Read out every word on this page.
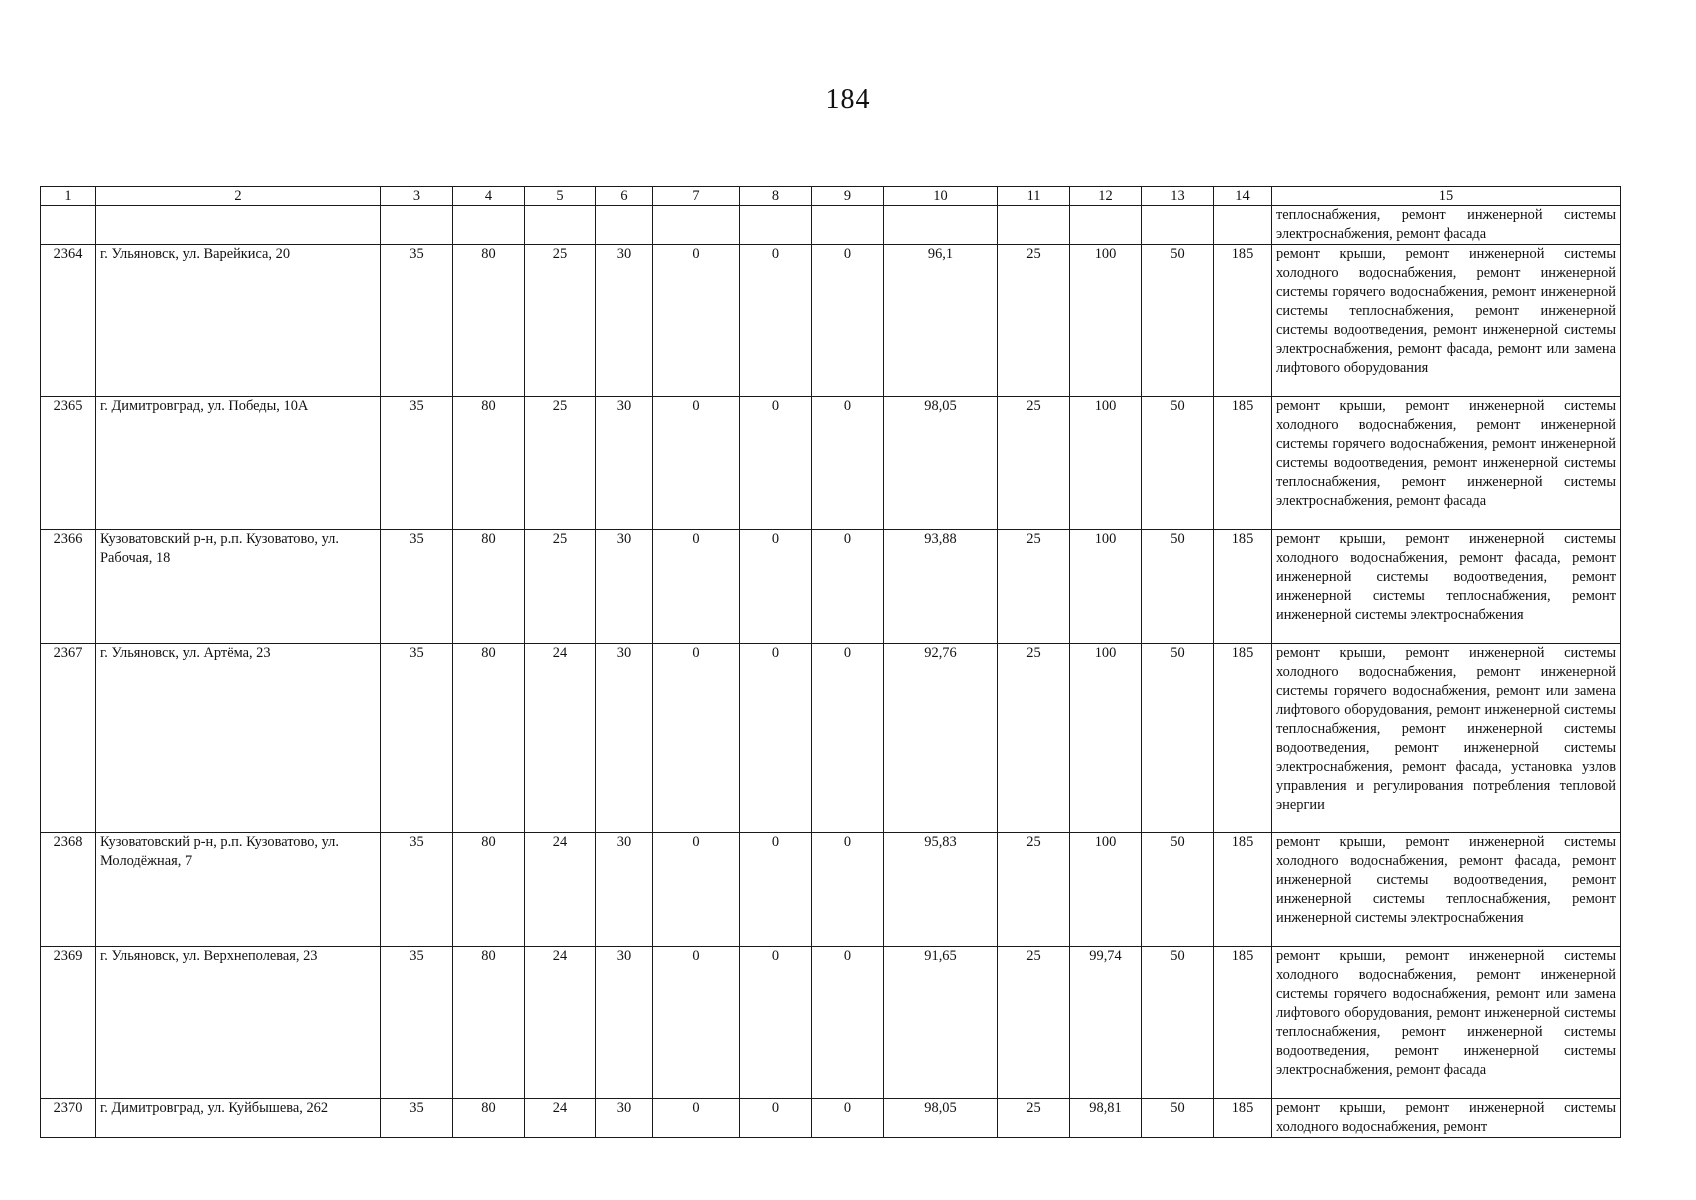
184
1	2	3	4	5	6	7	8	9	10	11	12	13	14	15
														теплоснабжения, ремонт инженерной системы электроснабжения, ремонт фасада
2364	г. Ульяновск, ул. Варейкиса, 20	35	80	25	30	0	0	0	96,1	25	100	50	185	ремонт крыши, ремонт инженерной системы холодного водоснабжения, ремонт инженерной системы горячего водоснабжения, ремонт инженерной системы теплоснабжения, ремонт инженерной системы водоотведения, ремонт инженерной системы электроснабжения, ремонт фасада, ремонт или замена лифтового оборудования
2365	г. Димитровград, ул. Победы, 10А	35	80	25	30	0	0	0	98,05	25	100	50	185	ремонт крыши, ремонт инженерной системы холодного водоснабжения, ремонт инженерной системы горячего водоснабжения, ремонт инженерной системы водоотведения, ремонт инженерной системы теплоснабжения, ремонт инженерной системы электроснабжения, ремонт фасада
2366	Кузоватовский р-н, р.п. Кузоватово, ул. Рабочая, 18	35	80	25	30	0	0	0	93,88	25	100	50	185	ремонт крыши, ремонт инженерной системы холодного водоснабжения, ремонт фасада, ремонт инженерной системы водоотведения, ремонт инженерной системы теплоснабжения, ремонт инженерной системы электроснабжения
2367	г. Ульяновск, ул. Артёма, 23	35	80	24	30	0	0	0	92,76	25	100	50	185	ремонт крыши, ремонт инженерной системы холодного водоснабжения, ремонт инженерной системы горячего водоснабжения, ремонт или замена лифтового оборудования, ремонт инженерной системы теплоснабжения, ремонт инженерной системы водоотведения, ремонт инженерной системы электроснабжения, ремонт фасада, установка узлов управления и регулирования потребления тепловой энергии
2368	Кузоватовский р-н, р.п. Кузоватово, ул. Молодёжная, 7	35	80	24	30	0	0	0	95,83	25	100	50	185	ремонт крыши, ремонт инженерной системы холодного водоснабжения, ремонт фасада, ремонт инженерной системы водоотведения, ремонт инженерной системы теплоснабжения, ремонт инженерной системы электроснабжения
2369	г. Ульяновск, ул. Верхнеполевая, 23	35	80	24	30	0	0	0	91,65	25	99,74	50	185	ремонт крыши, ремонт инженерной системы холодного водоснабжения, ремонт инженерной системы горячего водоснабжения, ремонт или замена лифтового оборудования, ремонт инженерной системы теплоснабжения, ремонт инженерной системы водоотведения, ремонт инженерной системы электроснабжения, ремонт фасада
2370	г. Димитровград, ул. Куйбышева, 262	35	80	24	30	0	0	0	98,05	25	98,81	50	185	ремонт крыши, ремонт инженерной системы холодного водоснабжения, ремонт
